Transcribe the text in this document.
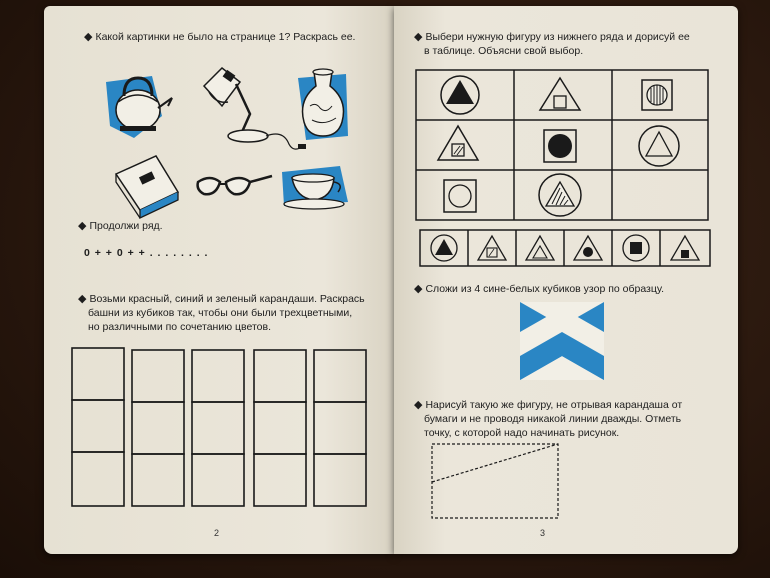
◆ Какой картинки не было на странице 1? Раскрась ее.
◆ Продолжи ряд.
0 + + 0 + + . . . . . . . .
◆ Возьми красный, синий и зеленый карандаши. Раскрась
башни из кубиков так, чтобы они были трехцветными,
но различными по сочетанию цветов.
2
◆ Выбери нужную фигуру из нижнего ряда и дорисуй ее
в таблице. Объясни свой выбор.
◆ Сложи из 4 сине-белых кубиков узор по образцу.
◆ Нарисуй такую же фигуру, не отрывая карандаша от
бумаги и не проводя никакой линии дважды. Отметь
точку, с которой надо начинать рисунок.
3
